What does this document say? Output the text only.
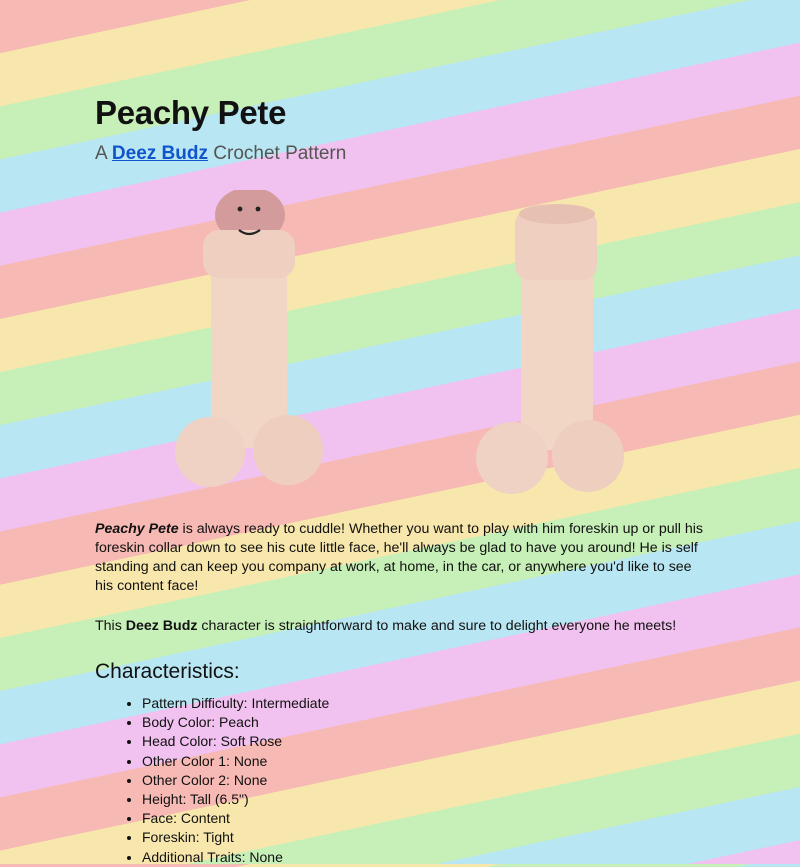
Peachy Pete

A Deez Budz Crochet Pattern

Peachy Pete is always ready to cuddle! Whether you want to play with him foreskin up or pull his foreskin collar down to see his cute little face, he'll always be glad to have you around! He is self standing and can keep you company at work, at home, in the car, or anywhere you'd like to see his content face!

This Deez Budz character is straightforward to make and sure to delight everyone he meets!

Characteristics:
• Pattern Difficulty: Intermediate
• Body Color: Peach
• Head Color: Soft Rose
• Other Color 1: None
• Other Color 2: None
• Height: Tall (6.5")
• Face: Content
• Foreskin: Tight
• Additional Traits: None
